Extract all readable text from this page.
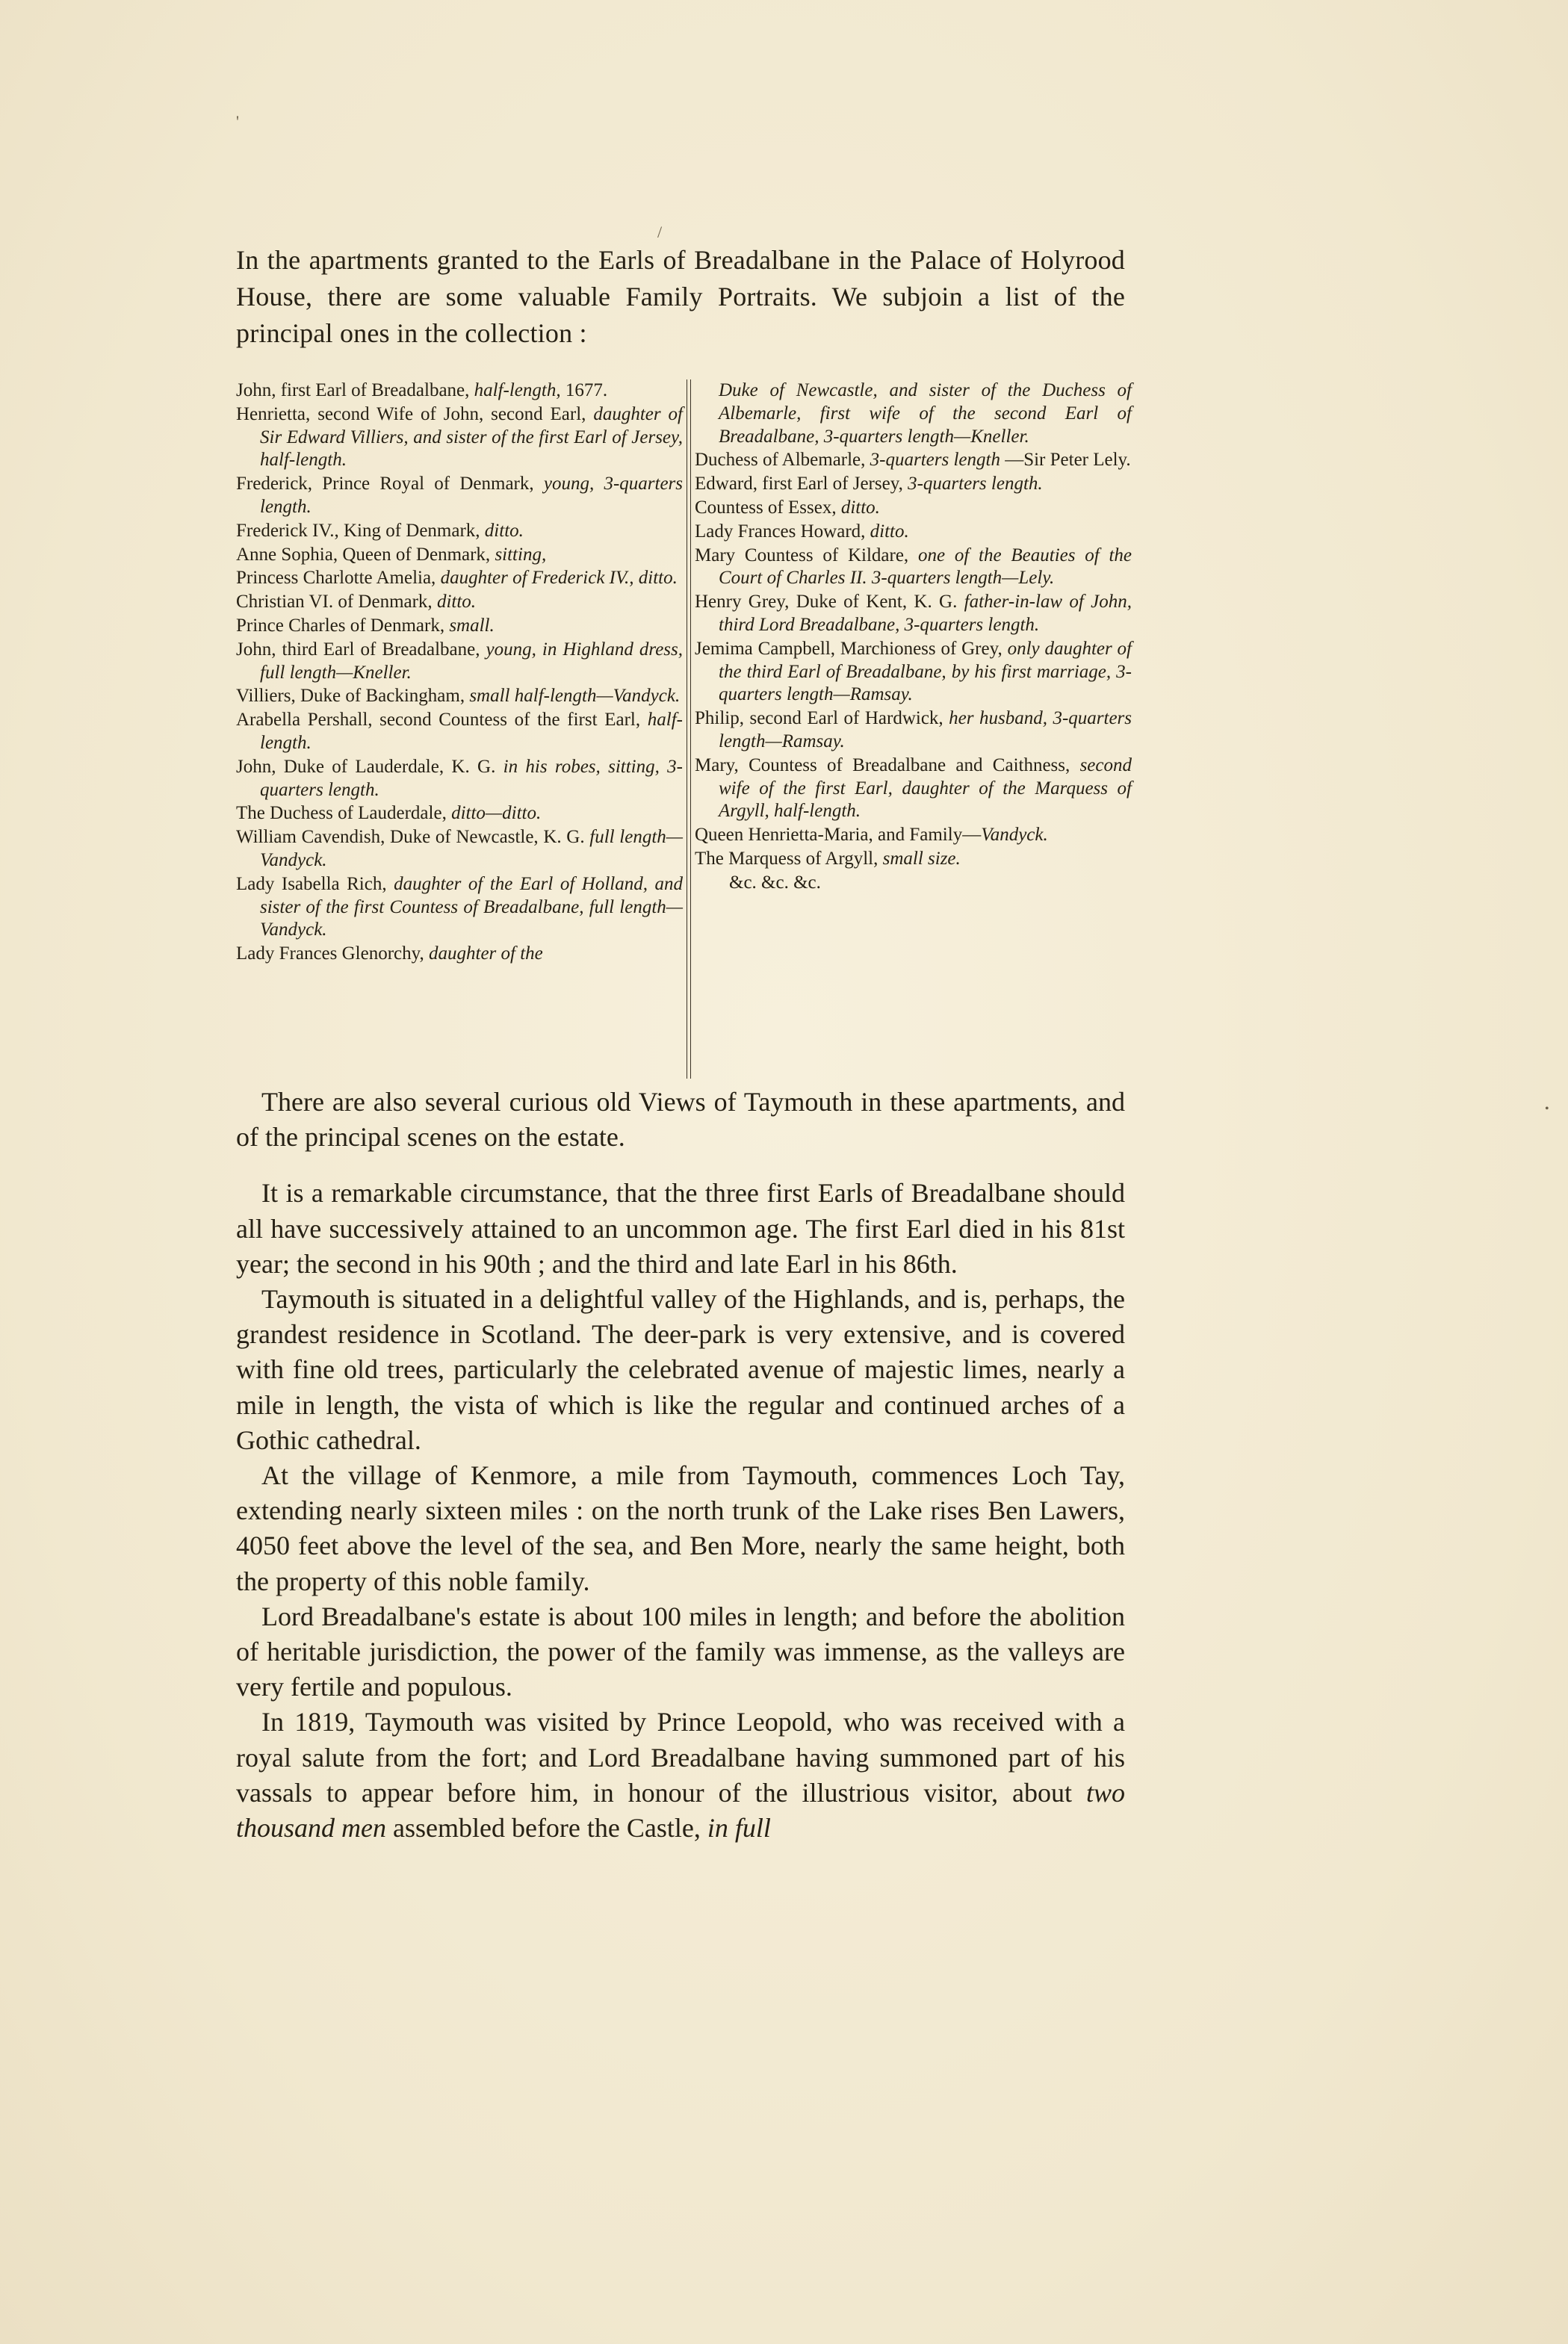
'
/
•
In the apartments granted to the Earls of Breadalbane in the Palace of Holyrood House, there are some valuable Family Portraits. We subjoin a list of the principal ones in the collection :
John, first Earl of Breadalbane, half-length, 1677.
Henrietta, second Wife of John, second Earl, daughter of Sir Edward Villiers, and sister of the first Earl of Jersey, half-length.
Frederick, Prince Royal of Denmark, young, 3-quarters length.
Frederick IV., King of Denmark, ditto.
Anne Sophia, Queen of Denmark, sitting,
Princess Charlotte Amelia, daughter of Frederick IV., ditto.
Christian VI. of Denmark, ditto.
Prince Charles of Denmark, small.
John, third Earl of Breadalbane, young, in Highland dress, full length—Kneller.
Villiers, Duke of Backingham, small half-length—Vandyck.
Arabella Pershall, second Countess of the first Earl, half-length.
John, Duke of Lauderdale, K. G. in his robes, sitting, 3-quarters length.
The Duchess of Lauderdale, ditto—ditto.
William Cavendish, Duke of Newcastle, K. G. full length—Vandyck.
Lady Isabella Rich, daughter of the Earl of Holland, and sister of the first Countess of Breadalbane, full length—Vandyck.
Lady Frances Glenorchy, daughter of the
Duke of Newcastle, and sister of the Duchess of Albemarle, first wife of the second Earl of Breadalbane, 3-quarters length—Kneller.
Duchess of Albemarle, 3-quarters length —Sir Peter Lely.
Edward, first Earl of Jersey, 3-quarters length.
Countess of Essex, ditto.
Lady Frances Howard, ditto.
Mary Countess of Kildare, one of the Beauties of the Court of Charles II. 3-quarters length—Lely.
Henry Grey, Duke of Kent, K. G. father-in-law of John, third Lord Breadalbane, 3-quarters length.
Jemima Campbell, Marchioness of Grey, only daughter of the third Earl of Breadalbane, by his first marriage, 3-quarters length—Ramsay.
Philip, second Earl of Hardwick, her husband, 3-quarters length—Ramsay.
Mary, Countess of Breadalbane and Caithness, second wife of the first Earl, daughter of the Marquess of Argyll, half-length.
Queen Henrietta-Maria, and Family—Vandyck.
The Marquess of Argyll, small size.
&c. &c. &c.

There are also several curious old Views of Taymouth in these apartments, and of the principal scenes on the estate.

It is a remarkable circumstance, that the three first Earls of Breadalbane should all have successively attained to an uncommon age. The first Earl died in his 81st year; the second in his 90th ; and the third and late Earl in his 86th.

Taymouth is situated in a delightful valley of the Highlands, and is, perhaps, the grandest residence in Scotland. The deer-park is very extensive, and is covered with fine old trees, particularly the celebrated avenue of majestic limes, nearly a mile in length, the vista of which is like the regular and continued arches of a Gothic cathedral.

At the village of Kenmore, a mile from Taymouth, commences Loch Tay, extending nearly sixteen miles : on the north trunk of the Lake rises Ben Lawers, 4050 feet above the level of the sea, and Ben More, nearly the same height, both the property of this noble family.

Lord Breadalbane's estate is about 100 miles in length; and before the abolition of heritable jurisdiction, the power of the family was immense, as the valleys are very fertile and populous.

In 1819, Taymouth was visited by Prince Leopold, who was received with a royal salute from the fort; and Lord Breadalbane having summoned part of his vassals to appear before him, in honour of the illustrious visitor, about two thousand men assembled before the Castle, in full
